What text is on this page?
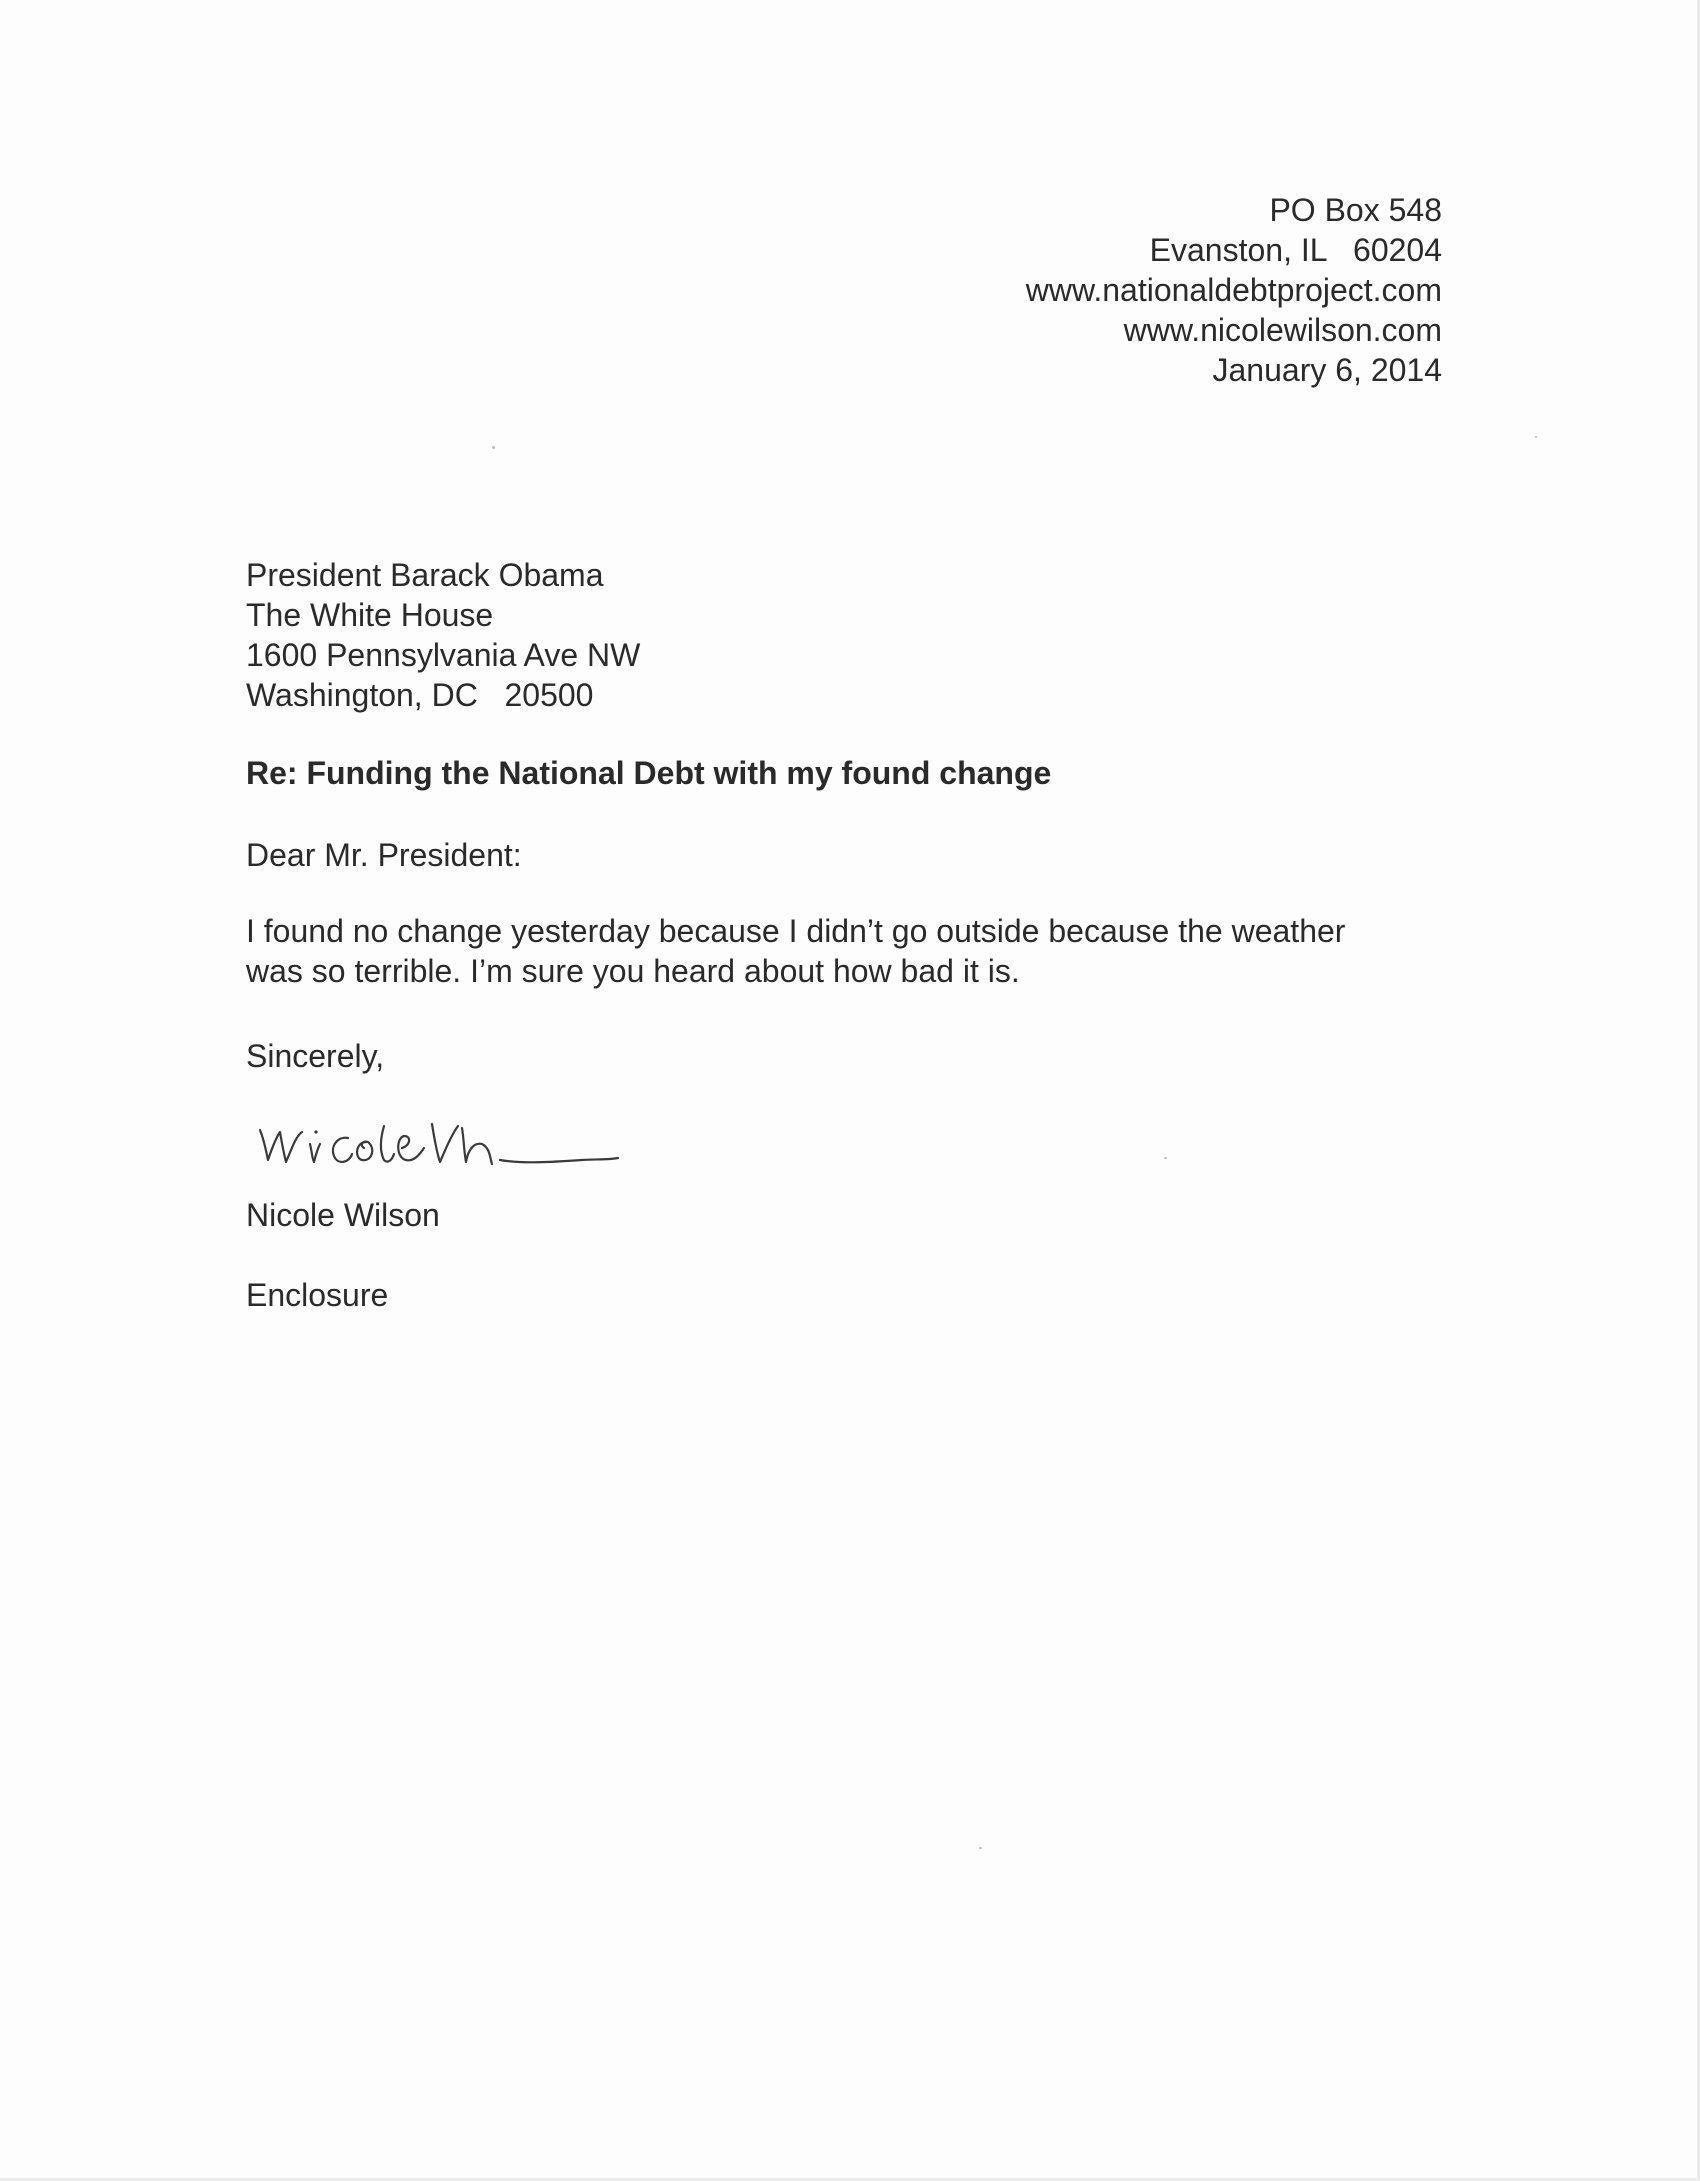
PO Box 548
Evanston, IL   60204
www.nationaldebtproject.com
www.nicolewilson.com
January 6, 2014
President Barack Obama
The White House
1600 Pennsylvania Ave NW
Washington, DC   20500
Re: Funding the National Debt with my found change
Dear Mr. President:
I found no change yesterday because I didn’t go outside because the weather
was so terrible. I’m sure you heard about how bad it is.
Sincerely,
Nicole Wilson
Enclosure
